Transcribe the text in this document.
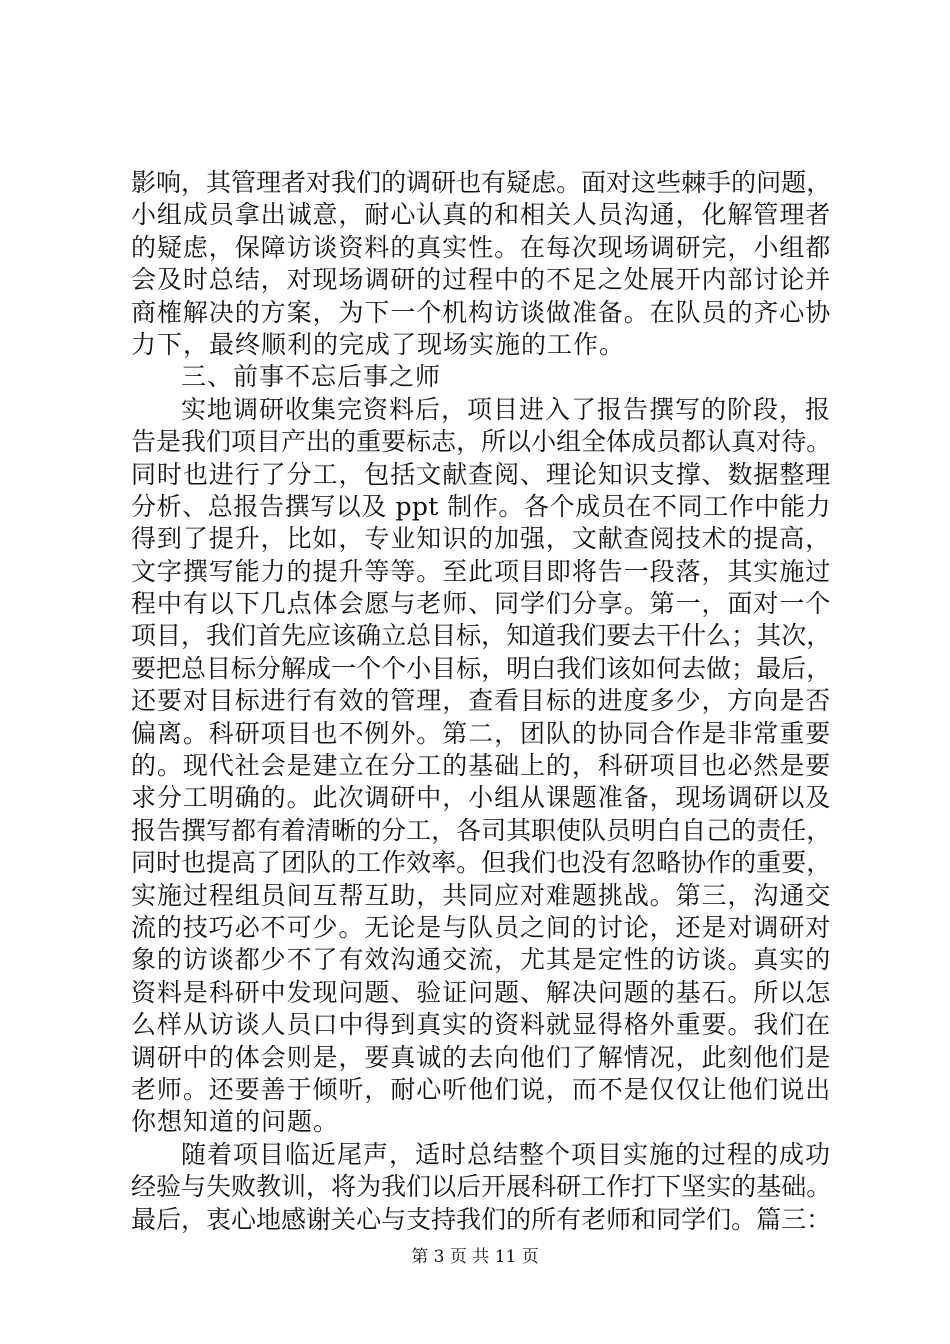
影响，其管理者对我们的调研也有疑虑。面对这些棘手的问题，
小组成员拿出诚意，耐心认真的和相关人员沟通，化解管理者
的疑虑，保障访谈资料的真实性。在每次现场调研完，小组都
会及时总结，对现场调研的过程中的不足之处展开内部讨论并
商榷解决的方案，为下一个机构访谈做准备。在队员的齐心协
力下，最终顺利的完成了现场实施的工作。
三、前事不忘后事之师
实地调研收集完资料后，项目进入了报告撰写的阶段，报
告是我们项目产出的重要标志，所以小组全体成员都认真对待。
同时也进行了分工，包括文献查阅、理论知识支撑、数据整理
分析、总报告撰写以及 ppt 制作。各个成员在不同工作中能力
得到了提升，比如，专业知识的加强，文献查阅技术的提高，
文字撰写能力的提升等等。至此项目即将告一段落，其实施过
程中有以下几点体会愿与老师、同学们分享。第一，面对一个
项目，我们首先应该确立总目标，知道我们要去干什么；其次，
要把总目标分解成一个个小目标，明白我们该如何去做；最后，
还要对目标进行有效的管理，查看目标的进度多少，方向是否
偏离。科研项目也不例外。第二，团队的协同合作是非常重要
的。现代社会是建立在分工的基础上的，科研项目也必然是要
求分工明确的。此次调研中，小组从课题准备，现场调研以及
报告撰写都有着清晰的分工，各司其职使队员明白自己的责任，
同时也提高了团队的工作效率。但我们也没有忽略协作的重要，
实施过程组员间互帮互助，共同应对难题挑战。第三，沟通交
流的技巧必不可少。无论是与队员之间的讨论，还是对调研对
象的访谈都少不了有效沟通交流，尤其是定性的访谈。真实的
资料是科研中发现问题、验证问题、解决问题的基石。所以怎
么样从访谈人员口中得到真实的资料就显得格外重要。我们在
调研中的体会则是，要真诚的去向他们了解情况，此刻他们是
老师。还要善于倾听，耐心听他们说，而不是仅仅让他们说出
你想知道的问题。
随着项目临近尾声，适时总结整个项目实施的过程的成功
经验与失败教训，将为我们以后开展科研工作打下坚实的基础。
最后，衷心地感谢关心与支持我们的所有老师和同学们。篇三：
第 3 页 共 11 页
